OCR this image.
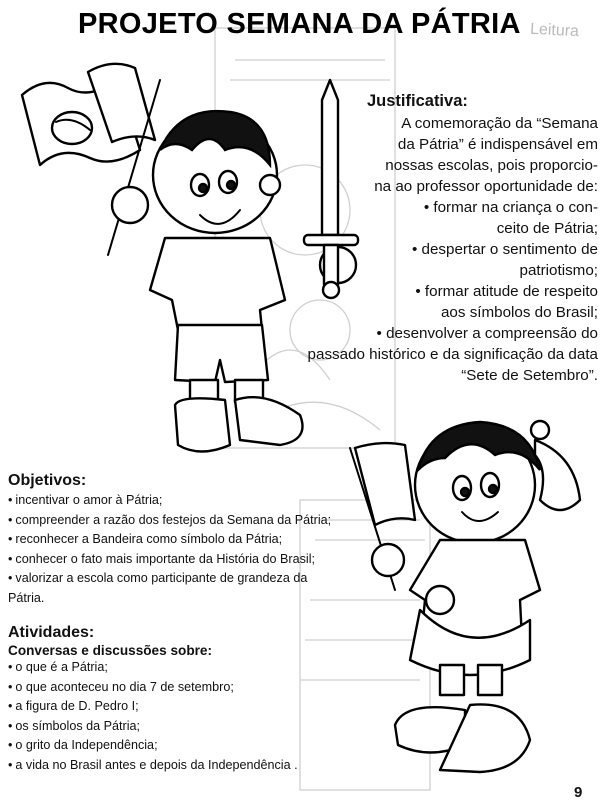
PROJETO SEMANA DA PÁTRIA Leitura
Justificativa:

A comemoração da “Semana
da Pátria” é indispensável em
nossas escolas, pois proporcio-
na ao professor oportunidade de:
• formar na criança o con-
ceito de Pátria;
• despertar o sentimento de
patriotismo;
• formar atitude de respeito
aos símbolos do Brasil;
• desenvolver a compreensão do
passado histórico e da significação da data
“Sete de Setembro”.

Objetivos:
• incentivar o amor à Pátria;
• compreender a razão dos festejos da Semana da Pátria;
• reconhecer a Bandeira como símbolo da Pátria;
• conhecer o fato mais importante da História do Brasil;
• valorizar a escola como participante de grandeza da
Pátria.
Atividades:
Conversas e discussões sobre:
• o que é a Pátria;
• o que aconteceu no dia 7 de setembro;
• a figura de D. Pedro I;
• os símbolos da Pátria;
• o grito da Independência;
• a vida no Brasil antes e depois da Independência .
9
